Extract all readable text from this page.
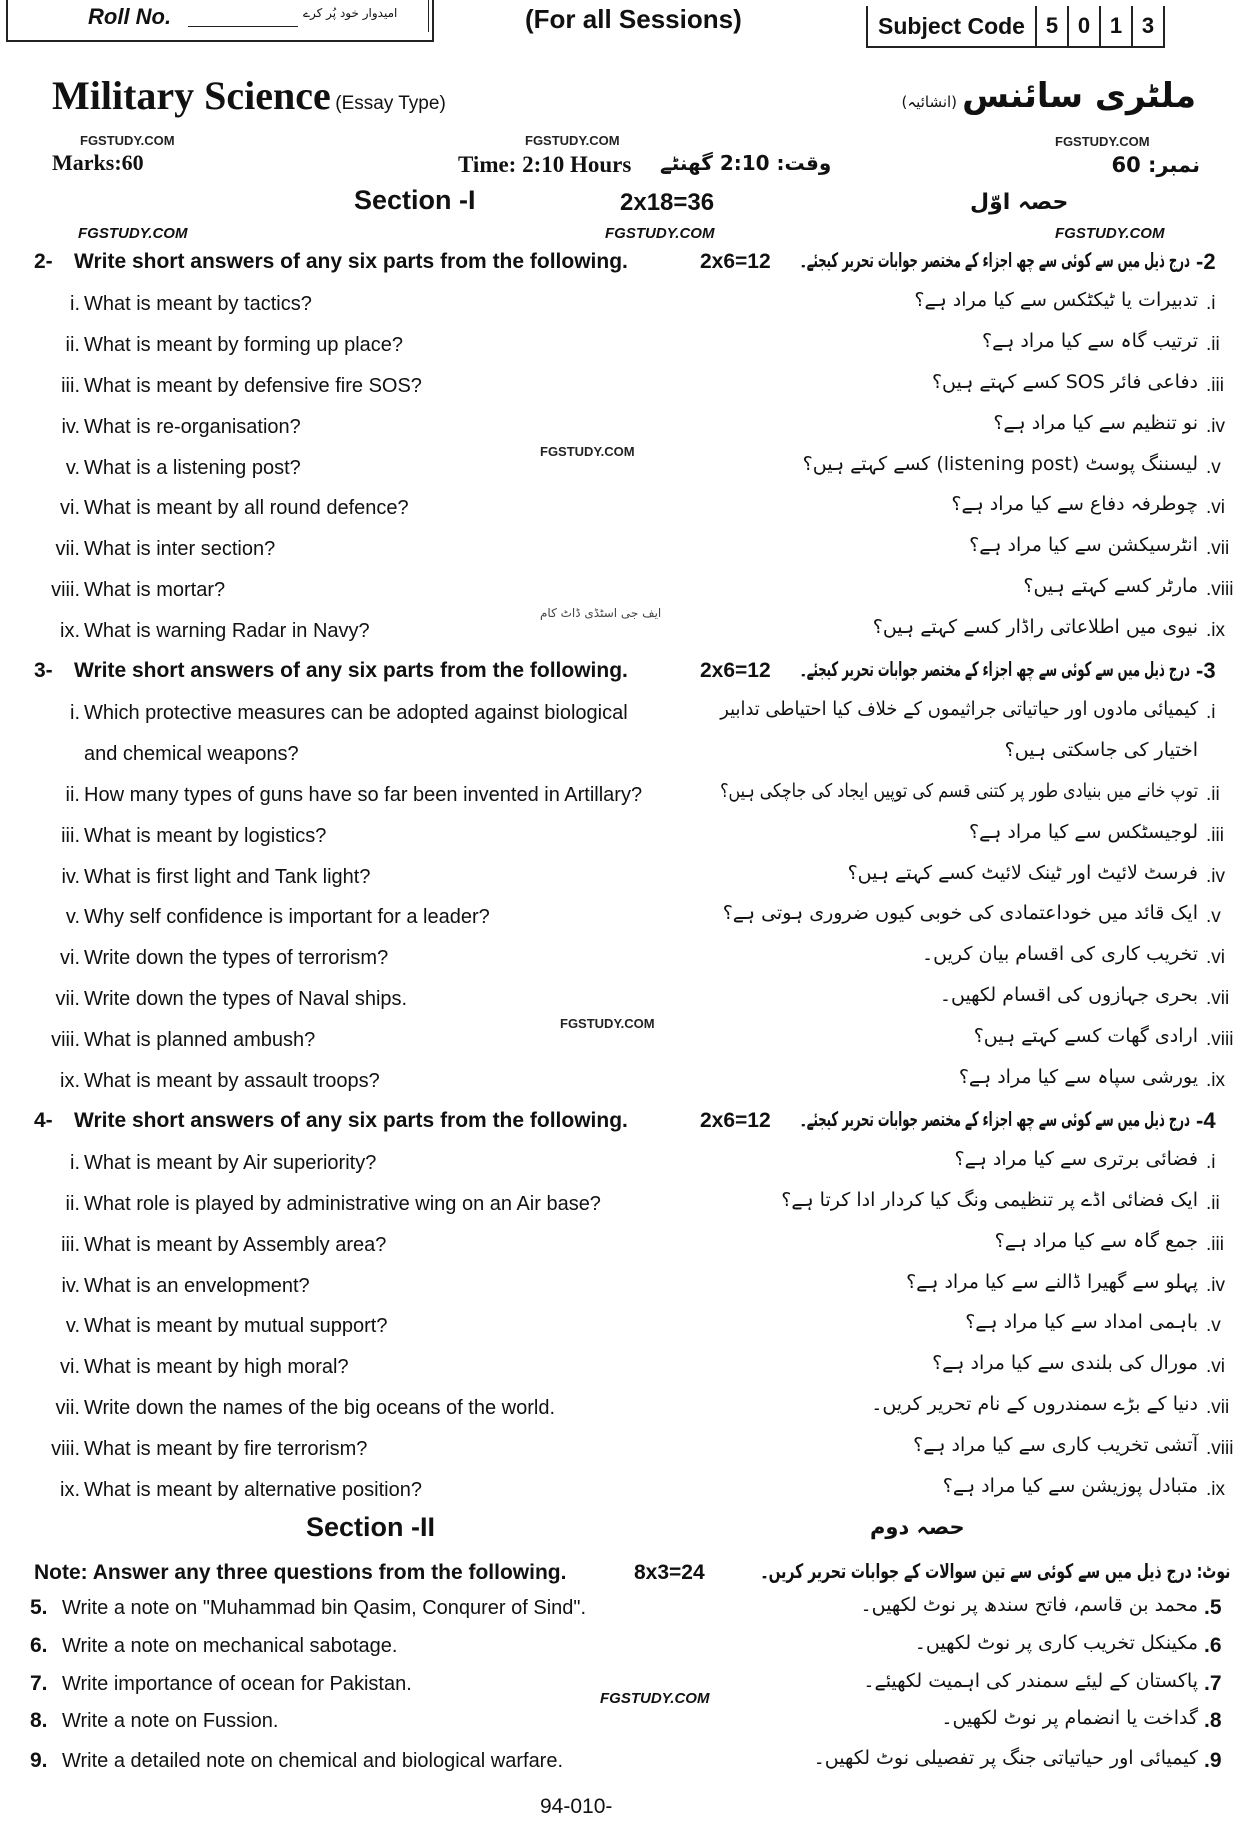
Roll No.	امیدوار خود پُر کرے	(For all Sessions)	Subject Code 5 0 1 3
Military Science (Essay Type)	ملٹری سائنس (انشائیہ)
FGSTUDY.COM	FGSTUDY.COM	FGSTUDY.COM
Marks:60	Time: 2:10 Hours وقت: 2:10 گھنٹے	نمبر: 60
Section -I	2x18=36	حصہ اوّل
FGSTUDY.COM	FGSTUDY.COM	FGSTUDY.COM
2- Write short answers of any six parts from the following.	2x6=12	-2
درج ذیل میں سے کوئی سے چھ اجزاء کے مختصر جوابات تحریر کیجئے۔
i. What is meant by tactics?	.i
تدبیرات یا ٹیکٹکس سے کیا مراد ہے؟
ii. What is meant by forming up place?	.ii
ترتیب گاہ سے کیا مراد ہے؟
iii. What is meant by defensive fire SOS?	.iii
دفاعی فائر SOS کسے کہتے ہیں؟
iv. What is re-organisation?	.iv
نو تنظیم سے کیا مراد ہے؟
v. What is a listening post?	.v
لیسننگ پوسٹ (listening post) کسے کہتے ہیں؟
vi. What is meant by all round defence?	.vi
چوطرفہ دفاع سے کیا مراد ہے؟
vii. What is inter section?	.vii
انٹرسیکشن سے کیا مراد ہے؟
viii. What is mortar?	.viii
مارٹر کسے کہتے ہیں؟
ix. What is warning Radar in Navy?	.ix
نیوی میں اطلاعاتی راڈار کسے کہتے ہیں؟
3- Write short answers of any six parts from the following.	2x6=12	-3
درج ذیل میں سے کوئی سے چھ اجزاء کے مختصر جوابات تحریر کیجئے۔
i. Which protective measures can be adopted against biological	.i
کیمیائی مادوں اور حیاتیاتی جراثیموں کے خلاف کیا احتیاطی تدابیر
and chemical weapons?	اختیار کی جاسکتی ہیں؟
ii. How many types of guns have so far been invented in Artillary?	.ii
توپ خانے میں بنیادی طور پر کتنی قسم کی توپیں ایجاد کی جاچکی ہیں؟
iii. What is meant by logistics?	.iii
لوجیسٹکس سے کیا مراد ہے؟
iv. What is first light and Tank light?	.iv
فرسٹ لائیٹ اور ٹینک لائیٹ کسے کہتے ہیں؟
v. Why self confidence is important for a leader?	.v
ایک قائد میں خوداعتمادی کی خوبی کیوں ضروری ہوتی ہے؟
vi. Write down the types of terrorism?	.vi
تخریب کاری کی اقسام بیان کریں۔
vii. Write down the types of Naval ships.	.vii
بحری جہازوں کی اقسام لکھیں۔
viii. What is planned ambush?	.viii
ارادی گھات کسے کہتے ہیں؟
ix. What is meant by assault troops?	.ix
یورشی سپاہ سے کیا مراد ہے؟
4- Write short answers of any six parts from the following.	2x6=12	-4
درج ذیل میں سے کوئی سے چھ اجزاء کے مختصر جوابات تحریر کیجئے۔
i. What is meant by Air superiority?	.i
فضائی برتری سے کیا مراد ہے؟
ii. What role is played by administrative wing on an Air base?	.ii
ایک فضائی اڈے پر تنظیمی ونگ کیا کردار ادا کرتا ہے؟
iii. What is meant by Assembly area?	.iii
جمع گاہ سے کیا مراد ہے؟
iv. What is an envelopment?	.iv
پہلو سے گھیرا ڈالنے سے کیا مراد ہے؟
v. What is meant by mutual support?	.v
باہمی امداد سے کیا مراد ہے؟
vi. What is meant by high moral?	.vi
مورال کی بلندی سے کیا مراد ہے؟
vii. Write down the names of the big oceans of the world.	.vii
دنیا کے بڑے سمندروں کے نام تحریر کریں۔
viii. What is meant by fire terrorism?	.viii
آتشی تخریب کاری سے کیا مراد ہے؟
ix. What is meant by alternative position?	.ix
متبادل پوزیشن سے کیا مراد ہے؟
FGSTUDY.COM
FGSTUDY.COM
ایف جی اسٹڈی ڈاٹ کام
Section -II	حصہ دوم
Note: Answer any three questions from the following.	8x3=24	نوٹ: درج ذیل میں سے کوئی سے تین سوالات کے جوابات تحریر کریں۔
5. Write a note on "Muhammad bin Qasim, Conqurer of Sind".	.5
محمد بن قاسم، فاتح سندھ پر نوٹ لکھیں۔
6. Write a note on mechanical sabotage.	.6
مکینکل تخریب کاری پر نوٹ لکھیں۔
7. Write importance of ocean for Pakistan.	.7
پاکستان کے لیئے سمندر کی اہمیت لکھیئے۔
8. Write a note on Fussion.	.8
گداخت یا انضمام پر نوٹ لکھیں۔
9. Write a detailed note on chemical and biological warfare.	.9
کیمیائی اور حیاتیاتی جنگ پر تفصیلی نوٹ لکھیں۔
FGSTUDY.COM
94-010-
